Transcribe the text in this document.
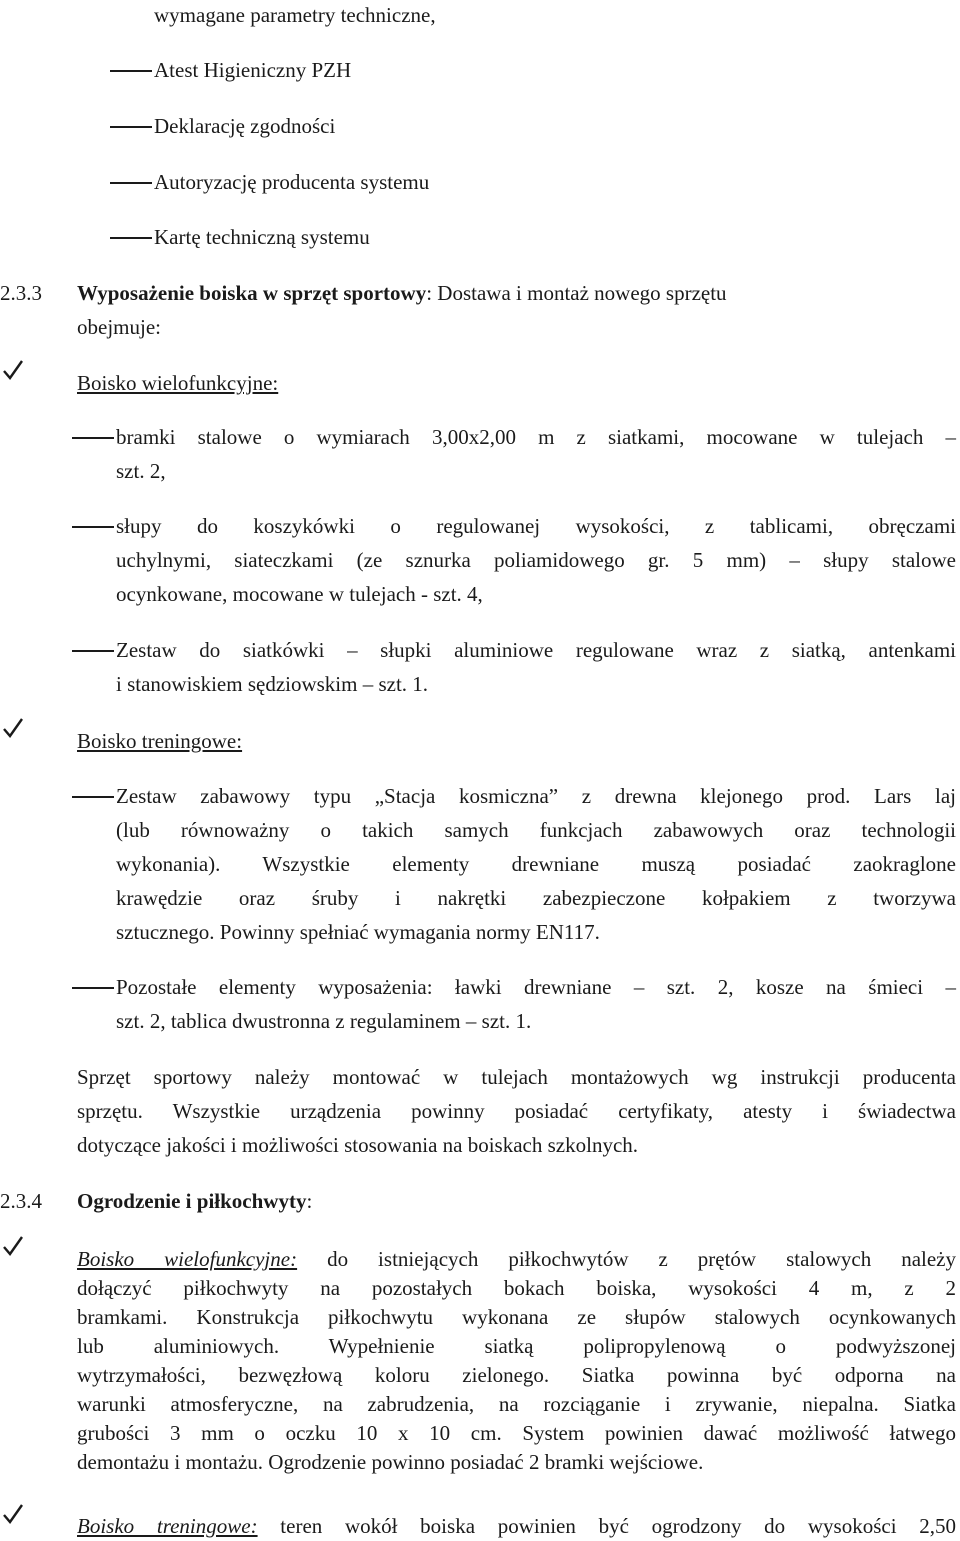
wymagane parametry techniczne,
Atest Higieniczny PZH
Deklarację zgodności
Autoryzację producenta systemu
Kartę techniczną systemu
2.3.3 Wyposażenie boiska w sprzęt sportowy: Dostawa i montaż nowego sprzętu
obejmuje:
Boisko wielofunkcyjne:
bramki stalowe o wymiarach 3,00x2,00 m z siatkami, mocowane w tulejach –
szt. 2,
słupy do koszykówki o regulowanej wysokości, z tablicami, obręczami
uchylnymi, siateczkami (ze sznurka poliamidowego gr. 5 mm) – słupy stalowe
ocynkowane, mocowane w tulejach - szt. 4,
Zestaw do siatkówki – słupki aluminiowe regulowane wraz z siatką, antenkami
i stanowiskiem sędziowskim – szt. 1.
Boisko treningowe:
Zestaw zabawowy typu „Stacja kosmiczna” z drewna klejonego prod. Lars laj
(lub równoważny o takich samych funkcjach zabawowych oraz technologii
wykonania). Wszystkie elementy drewniane muszą posiadać zaokraglone
krawędzie oraz śruby i nakrętki zabezpieczone kołpakiem z tworzywa
sztucznego. Powinny spełniać wymagania normy EN117.
Pozostałe elementy wyposażenia: ławki drewniane – szt. 2, kosze na śmieci –
szt. 2, tablica dwustronna z regulaminem – szt. 1.
Sprzęt sportowy należy montować w tulejach montażowych wg instrukcji producenta
sprzętu. Wszystkie urządzenia powinny posiadać certyfikaty, atesty i świadectwa
dotyczące jakości i możliwości stosowania na boiskach szkolnych.
2.3.4 Ogrodzenie i piłkochwyty:
Boisko wielofunkcyjne: do istniejących piłkochwytów z prętów stalowych należy
dołączyć piłkochwyty na pozostałych bokach boiska, wysokości 4 m, z 2
bramkami. Konstrukcja piłkochwytu wykonana ze słupów stalowych ocynkowanych
lub aluminiowych. Wypełnienie siatką polipropylenową o podwyższonej
wytrzymałości, bezwęzłową koloru zielonego. Siatka powinna być odporna na
warunki atmosferyczne, na zabrudzenia, na rozciąganie i zrywanie, niepalna. Siatka
grubości 3 mm o oczku 10 x 10 cm. System powinien dawać możliwość łatwego
demontażu i montażu. Ogrodzenie powinno posiadać 2 bramki wejściowe.
Boisko treningowe: teren wokół boiska powinien być ogrodzony do wysokości 2,50
